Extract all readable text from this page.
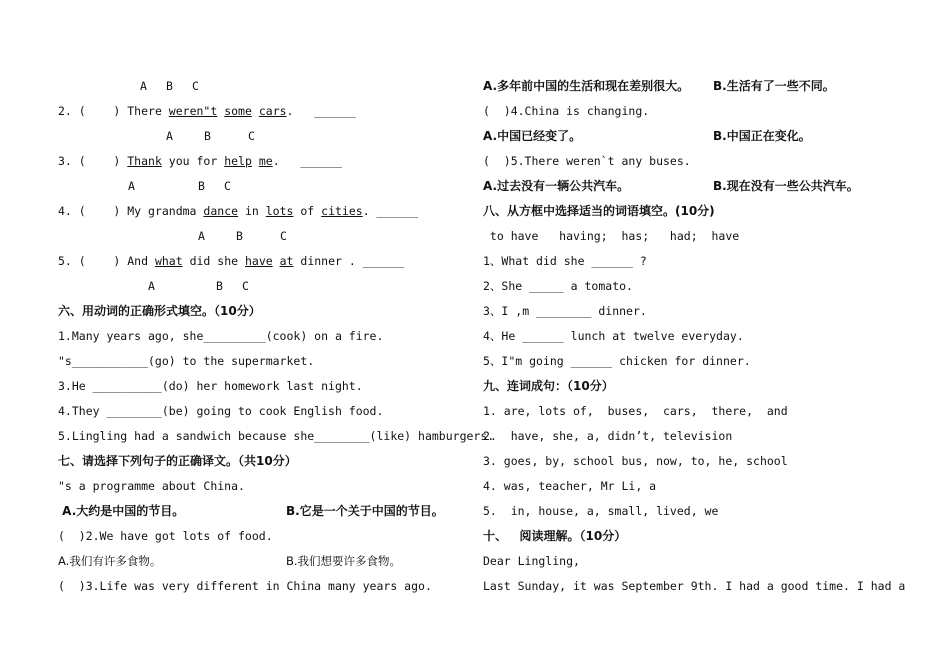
A

B

C

2. (    ) There weren"t some cars.   ______

A

	B

	C

3. (    ) Thank you for help me.   ______

A

	B

C

4. (    ) My grandma dance in lots of cities. ______

A

	B

	C

5. (    ) And what did she have at dinner . ______

A

	B

C

六、用动词的正确形式填空。（10分）
1.Many years ago, she_________(cook) on a fire.
"s___________(go) to the supermarket.
3.He __________(do) her homework last night.
4.They ________(be) going to cook English food.
5.Lingling had a sandwich because she________(like) hamburgers.
七、请选择下列句子的正确译文。（共10分）
"s a programme about China.
A.大约是中国的节目。	B.它是一个关于中国的节目。
(  )2.We have got lots of food.
A.我们有许多食物。	B.我们想要许多食物。
(  )3.Life was very different in China many years ago.
A.多年前中国的生活和现在差别很大。 B.生活有了一些不同。
(  )4.China is changing.
A.中国已经变了。	B.中国正在变化。
(  )5.There weren`t any buses.
A.过去没有一辆公共汽车。	B.现在没有一些公共汽车。
八、从方框中选择适当的词语填空。(10分)
to have   having;  has;   had;  have
1、What did she ______ ?
2、She _____ a tomato.
3、I ,m ________ dinner.
4、He ______ lunch at twelve everyday.
5、I"m going ______ chicken for dinner.
九、连词成句：（10分）
1. are, lots of,  buses,  cars,  there,  and
2.  have, she, a, didn’t, television
3. goes, by, school bus, now, to, he, school
4. was, teacher, Mr Li, a
5.  in, house, a, small, lived, we
十、   阅读理解。（10分）
Dear Lingling,
Last Sunday, it was September 9th. I had a good time. I had a
